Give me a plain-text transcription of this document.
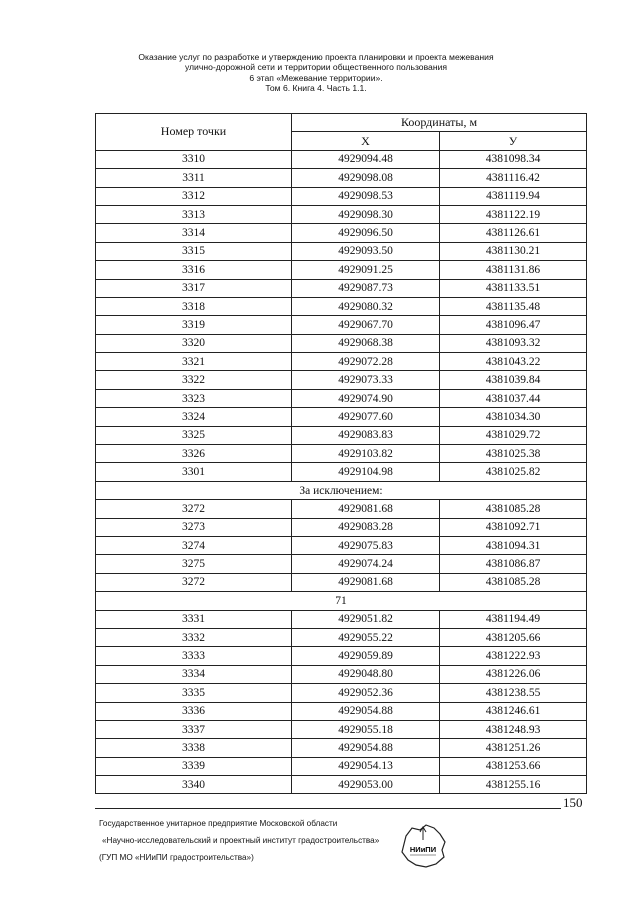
Оказание услуг по разработке и утверждению проекта планировки и проекта межевания
улично-дорожной сети и территории общественного пользования
6 этап «Межевание территории».
Том 6. Книга 4. Часть 1.1.
Номер точки	Координаты, м	
	X	У
3310	4929094.48	4381098.34
3311	4929098.08	4381116.42
3312	4929098.53	4381119.94
3313	4929098.30	4381122.19
3314	4929096.50	4381126.61
3315	4929093.50	4381130.21
3316	4929091.25	4381131.86
3317	4929087.73	4381133.51
3318	4929080.32	4381135.48
3319	4929067.70	4381096.47
3320	4929068.38	4381093.32
3321	4929072.28	4381043.22
3322	4929073.33	4381039.84
3323	4929074.90	4381037.44
3324	4929077.60	4381034.30
3325	4929083.83	4381029.72
3326	4929103.82	4381025.38
3301	4929104.98	4381025.82
За исключением:		
3272	4929081.68	4381085.28
3273	4929083.28	4381092.71
3274	4929075.83	4381094.31
3275	4929074.24	4381086.87
3272	4929081.68	4381085.28
71		
3331	4929051.82	4381194.49
3332	4929055.22	4381205.66
3333	4929059.89	4381222.93
3334	4929048.80	4381226.06
3335	4929052.36	4381238.55
3336	4929054.88	4381246.61
3337	4929055.18	4381248.93
3338	4929054.88	4381251.26
3339	4929054.13	4381253.66
3340	4929053.00	4381255.16
150
Государственное унитарное предприятие Московской области
«Научно-исследовательский и проектный институт градостроительства»
(ГУП МО «НИиПИ градостроительства»)
НИиПИ
